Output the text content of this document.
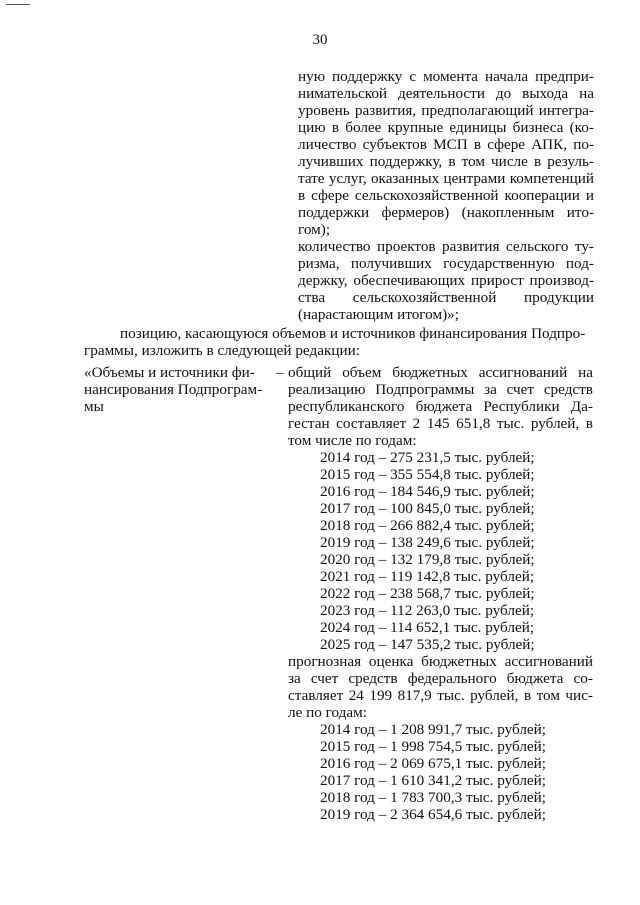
30
ную поддержку с момента начала предпри-
нимательской деятельности до выхода на
уровень развития, предполагающий интегра-
цию в более крупные единицы бизнеса (ко-
личество субъектов МСП в сфере АПК, по-
лучивших поддержку, в том числе в резуль-
тате услуг, оказанных центрами компетенций
в сфере сельскохозяйственной кооперации и
поддержки фермеров) (накопленным ито-
гом);
количество проектов развития сельского ту-
ризма, получивших государственную под-
держку, обеспечивающих прирост производ-
ства сельскохозяйственной продукции
(нарастающим итогом)»;
позицию, касающуюся объемов и источников финансирования Подпро-
граммы, изложить в следующей редакции:
«Объемы и источники фи-
нансирования Подпрограм-
мы
– общий объем бюджетных ассигнований на
реализацию Подпрограммы за счет средств
республиканского бюджета Республики Да-
гестан составляет 2 145 651,8 тыс. рублей, в
том числе по годам:
2014 год – 275 231,5 тыс. рублей;
2015 год – 355 554,8 тыс. рублей;
2016 год – 184 546,9 тыс. рублей;
2017 год – 100 845,0 тыс. рублей;
2018 год – 266 882,4 тыс. рублей;
2019 год – 138 249,6 тыс. рублей;
2020 год – 132 179,8 тыс. рублей;
2021 год – 119 142,8 тыс. рублей;
2022 год – 238 568,7 тыс. рублей;
2023 год – 112 263,0 тыс. рублей;
2024 год – 114 652,1 тыс. рублей;
2025 год – 147 535,2 тыс. рублей;
прогнозная оценка бюджетных ассигнований
за счет средств федерального бюджета со-
ставляет 24 199 817,9 тыс. рублей, в том чис-
ле по годам:
2014 год – 1 208 991,7 тыс. рублей;
2015 год – 1 998 754,5 тыс. рублей;
2016 год – 2 069 675,1 тыс. рублей;
2017 год – 1 610 341,2 тыс. рублей;
2018 год – 1 783 700,3 тыс. рублей;
2019 год – 2 364 654,6 тыс. рублей;
